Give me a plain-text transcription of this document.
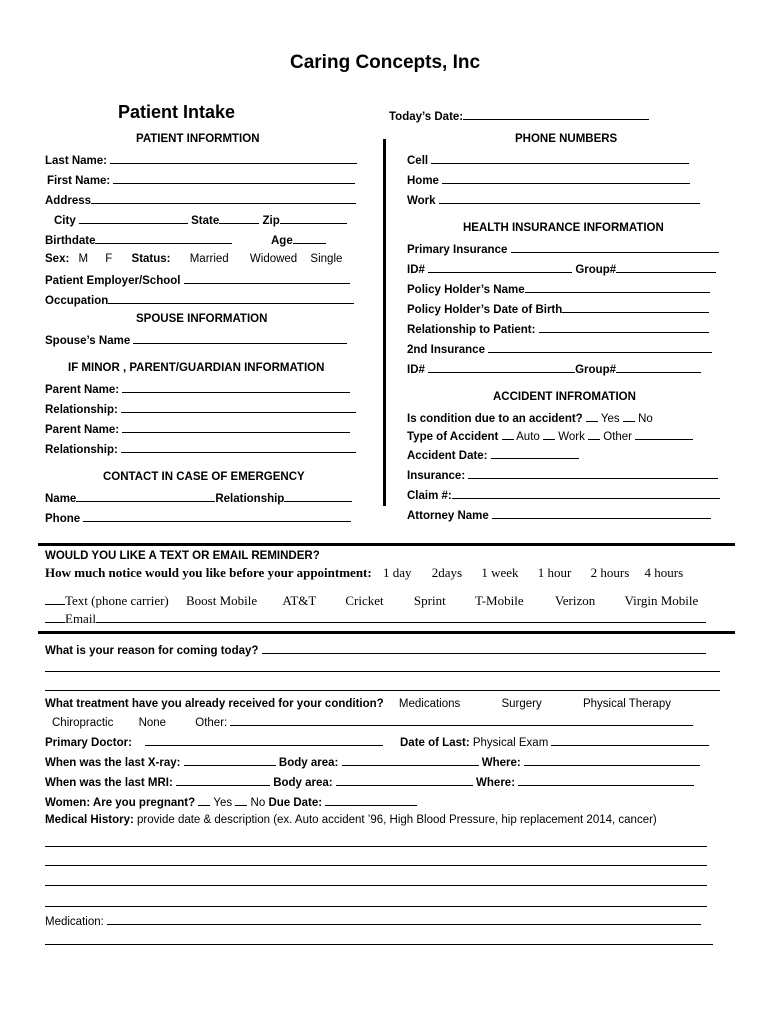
Caring Concepts, Inc
Patient Intake	Today’s Date:
PATIENT INFORMTION
Last Name:
First Name:
Address
City	State	Zip
Birthdate	Age
Sex: M F Status: Married Widowed Single
Patient Employer/School
Occupation
SPOUSE INFORMATION
Spouse’s Name
IF MINOR , PARENT/GUARDIAN INFORMATION
Parent Name:
Relationship:
Parent Name:
Relationship:
CONTACT IN CASE OF EMERGENCY
Name	Relationship
Phone
PHONE NUMBERS
Cell
Home
Work
HEALTH INSURANCE INFORMATION
Primary Insurance
ID#	Group#
Policy Holder’s Name
Policy Holder’s Date of Birth
Relationship to Patient:
2nd Insurance
ID#	Group#
ACCIDENT INFROMATION
Is condition due to an accident? Yes No
Type of Accident Auto Work Other
Accident Date:
Insurance:
Claim #:
Attorney Name
WOULD YOU LIKE A TEXT OR EMAIL REMINDER?
How much notice would you like before your appointment: 1 day 2days 1 week 1 hour 2 hours 4 hours
Text (phone carrier) Boost Mobile AT&T Cricket Sprint T-Mobile Verizon Virgin Mobile
Email
What is your reason for coming today?
What treatment have you already received for your condition? Medications	Surgery	Physical Therapy
Chiropractic None	Other:
Primary Doctor:	Date of Last: Physical Exam
When was the last X-ray:	Body area:	Where:
When was the last MRI:	Body area:	Where:
Women: Are you pregnant? Yes No Due Date:
Medical History: provide date & description (ex. Auto accident ’96, High Blood Pressure, hip replacement 2014, cancer)
Medication:
